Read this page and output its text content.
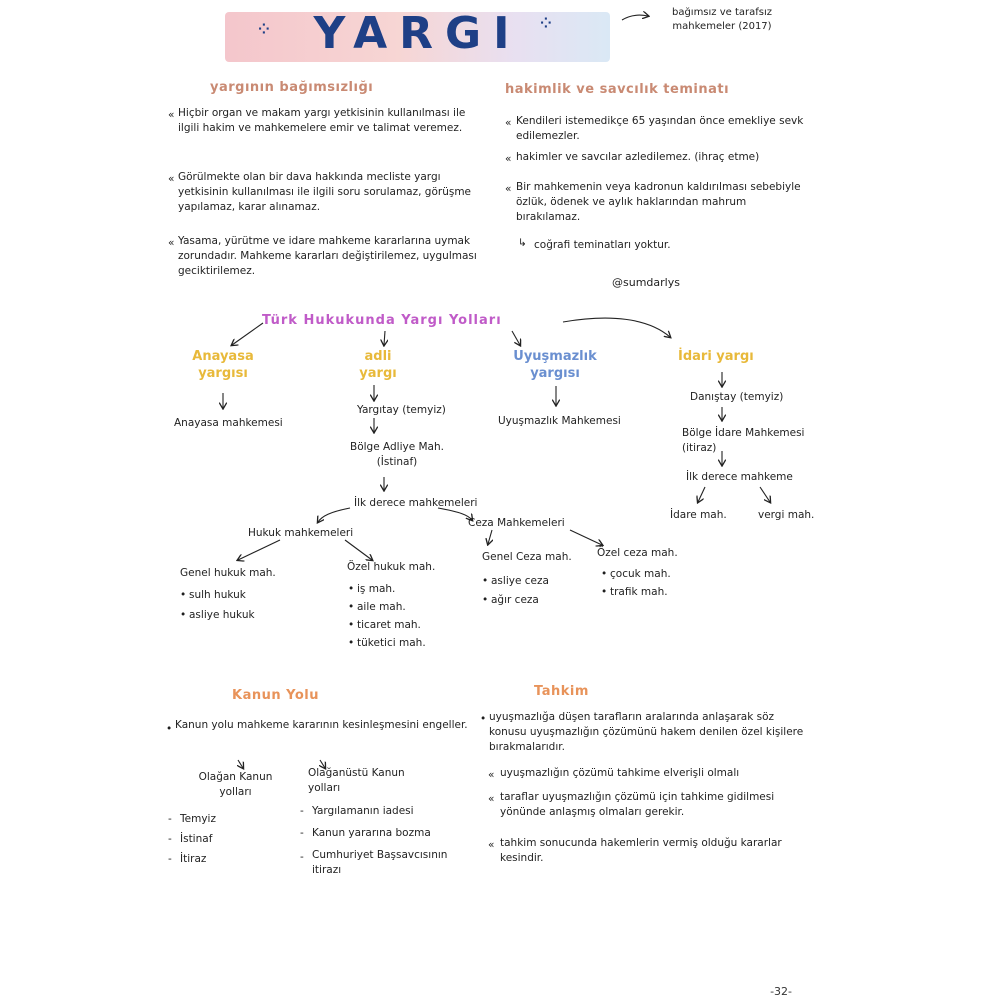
⁘	⁘
YARGI	bağımsız ve tarafsız mahkemeler (2017)
yargının bağımsızlığı
« Hiçbir organ ve makam yargı yetkisinin kullanılması ile ilgili hakim ve mahkemelere emir ve talimat veremez.
« Görülmekte olan bir dava hakkında mecliste yargı yetkisinin kullanılması ile ilgili soru sorulamaz, görüşme yapılamaz, karar alınamaz.
« Yasama, yürütme ve idare mahkeme kararlarına uymak zorundadır. Mahkeme kararları değiştirilemez, uygulması geciktirilemez.
hakimlik ve savcılık teminatı
« Kendileri istemedikçe 65 yaşından önce emekliye sevk edilemezler.
« hakimler ve savcılar azledilemez. (ihraç etme)
« Bir mahkemenin veya kadronun kaldırılması sebebiyle özlük, ödenek ve aylık haklarından mahrum bırakılamaz.
↳ coğrafi teminatları yoktur.
@sumdarlys
Türk Hukukunda Yargı Yolları
Anayasa yargısı
Anayasa mahkemesi
adli yargı
Yargıtay (temyiz)
Bölge Adliye Mah. (İstinaf)
İlk derece mahkemeleri
Hukuk mahkemeleri
Genel hukuk mah.
• sulh hukuk
• asliye hukuk
Özel hukuk mah.
• iş mah.
• aile mah.
• ticaret mah.
• tüketici mah.
Ceza Mahkemeleri
Genel Ceza mah.
• asliye ceza
• ağır ceza
Özel ceza mah.
• çocuk mah.
• trafik mah.
Uyuşmazlık yargısı
Uyuşmazlık Mahkemesi
İdari yargı
Danıştay (temyiz)
Bölge İdare Mahkemesi (itiraz)
İlk derece mahkeme
İdare mah.	vergi mah.
Kanun Yolu
• Kanun yolu mahkeme kararının kesinleşmesini engeller.
Olağan Kanun yolları
- Temyiz
- İstinaf
- İtiraz
Olağanüstü Kanun yolları
- Yargılamanın iadesi
- Kanun yararına bozma
- Cumhuriyet Başsavcısının itirazı
Tahkim
• uyuşmazlığa düşen tarafların aralarında anlaşarak söz konusu uyuşmazlığın çözümünü hakem denilen özel kişilere bırakmalarıdır.
« uyuşmazlığın çözümü tahkime elverişli olmalı
« taraflar uyuşmazlığın çözümü için tahkime gidilmesi yönünde anlaşmış olmaları gerekir.
« tahkim sonucunda hakemlerin vermiş olduğu kararlar kesindir.
-32-
